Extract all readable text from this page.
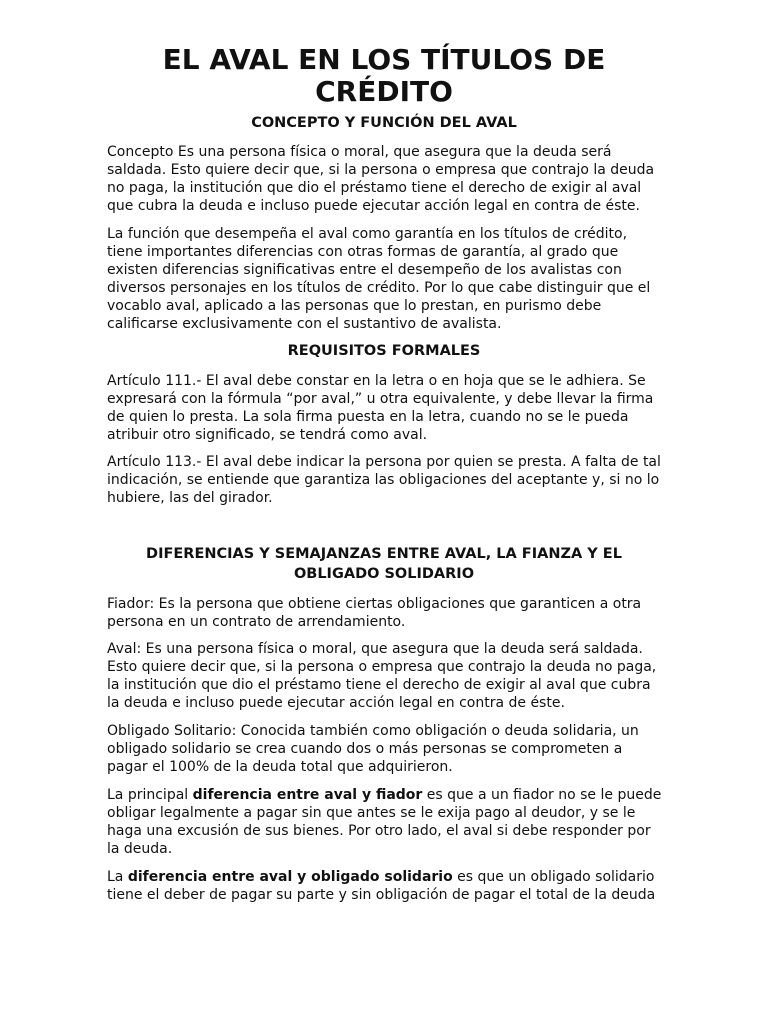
EL AVAL EN LOS TÍTULOS DE CRÉDITO
CONCEPTO Y FUNCIÓN DEL AVAL

Concepto Es una persona física o moral, que asegura que la deuda será saldada. Esto quiere decir que, si la persona o empresa que contrajo la deuda no paga, la institución que dio el préstamo tiene el derecho de exigir al aval que cubra la deuda e incluso puede ejecutar acción legal en contra de éste.

La función que desempeña el aval como garantía en los títulos de crédito, tiene importantes diferencias con otras formas de garantía, al grado que existen diferencias significativas entre el desempeño de los avalistas con diversos personajes en los títulos de crédito. Por lo que cabe distinguir que el vocablo aval, aplicado a las personas que lo prestan, en purismo debe calificarse exclusivamente con el sustantivo de avalista.

REQUISITOS FORMALES

Artículo 111.- El aval debe constar en la letra o en hoja que se le adhiera. Se expresará con la fórmula “por aval,” u otra equivalente, y debe llevar la firma de quien lo presta. La sola firma puesta en la letra, cuando no se le pueda atribuir otro significado, se tendrá como aval.

Artículo 113.- El aval debe indicar la persona por quien se presta. A falta de tal indicación, se entiende que garantiza las obligaciones del aceptante y, si no lo hubiere, las del girador.

DIFERENCIAS Y SEMAJANZAS ENTRE AVAL, LA FIANZA Y EL OBLIGADO SOLIDARIO

Fiador: Es la persona que obtiene ciertas obligaciones que garanticen a otra persona en un contrato de arrendamiento.

Aval: Es una persona física o moral, que asegura que la deuda será saldada. Esto quiere decir que, si la persona o empresa que contrajo la deuda no paga, la institución que dio el préstamo tiene el derecho de exigir al aval que cubra la deuda e incluso puede ejecutar acción legal en contra de éste.

Obligado Solitario: Conocida también como obligación o deuda solidaria, un obligado solidario se crea cuando dos o más personas se comprometen a pagar el 100% de la deuda total que adquirieron.

La principal diferencia entre aval y fiador es que a un fiador no se le puede obligar legalmente a pagar sin que antes se le exija pago al deudor, y se le haga una excusión de sus bienes. Por otro lado, el aval si debe responder por la deuda.

La diferencia entre aval y obligado solidario es que un obligado solidario tiene el deber de pagar su parte y sin obligación de pagar el total de la deuda
